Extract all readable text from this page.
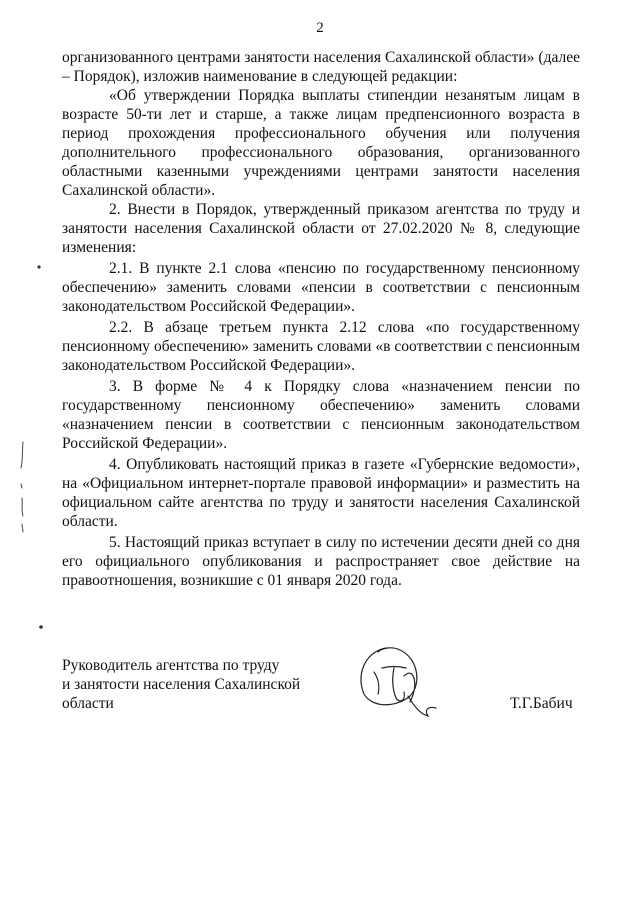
2

организованного центрами занятости населения Сахалинской области» (далее – Порядок), изложив наименование в следующей редакции:

«Об утверждении Порядка выплаты стипендии незанятым лицам в возрасте 50-ти лет и старше, а также лицам предпенсионного возраста в период прохождения профессионального обучения или получения дополнительного профессионального образования, организованного областными казенными учреждениями центрами занятости населения Сахалинской области».

2. Внести в Порядок, утвержденный приказом агентства по труду и занятости населения Сахалинской области от 27.02.2020 № 8, следующие изменения:

2.1. В пункте 2.1 слова «пенсию по государственному пенсионному обеспечению» заменить словами «пенсии в соответствии с пенсионным законодательством Российской Федерации».

2.2. В абзаце третьем пункта 2.12 слова «по государственному пенсионному обеспечению» заменить словами «в соответствии с пенсионным законодательством Российской Федерации».

3. В форме № 4 к Порядку слова «назначением пенсии по государственному пенсионному обеспечению» заменить словами «назначением пенсии в соответствии с пенсионным законодательством Российской Федерации».

4. Опубликовать настоящий приказ в газете «Губернские ведомости», на «Официальном интернет-портале правовой информации» и разместить на официальном сайте агентства по труду и занятости населения Сахалинской области.

5. Настоящий приказ вступает в силу по истечении десяти дней со дня его официального опубликования и распространяет свое действие на правоотношения, возникшие с 01 января 2020 года.

Руководитель агентства по труду
и занятости населения Сахалинской
области	Т.Г.Бабич
